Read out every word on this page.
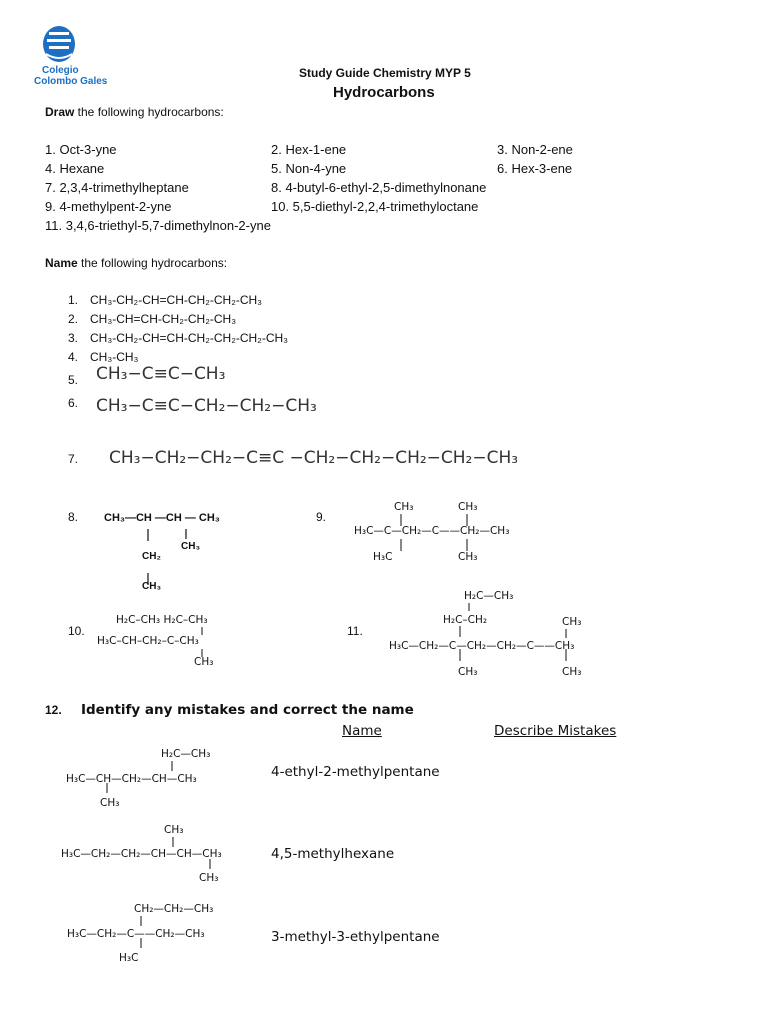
Colegio
Colombo Gales
Study Guide Chemistry MYP 5
Hydrocarbons
Draw the following hydrocarbons:
1. Oct-3-yne	2. Hex-1-ene	3. Non-2-ene
4. Hexane	5. Non-4-yne	6. Hex-3-ene
7. 2,3,4-trimethylheptane	8. 4-butyl-6-ethyl-2,5-dimethylnonane
9. 4-methylpent-2-yne	10. 5,5-diethyl-2,2,4-trimethyloctane
11. 3,4,6-triethyl-5,7-dimethylnon-2-yne
Name the following hydrocarbons:
1. CH₃-CH₂-CH=CH-CH₂-CH₂-CH₃
2. CH₃-CH=CH-CH₂-CH₂-CH₃
3. CH₃-CH₂-CH=CH-CH₂-CH₂-CH₂-CH₃
4. CH₃-CH₃
5. CH₃−C≡C−CH₃
6. CH₃−C≡C−CH₂−CH₂−CH₃
7. CH₃−CH₂−CH₂−C≡C −CH₂−CH₂−CH₂−CH₂−CH₃
8. CH₃—CH —CH — CH₃
CH₂
CH₃
CH₃
9.
CH₃	CH₃
H₃C—C—CH₂—C——CH₂—CH₃
H₃C	CH₃
10.
H₂C–CH₃ H₂C–CH₃
H₃C–CH–CH₂–C–CH₃
CH₃
11.
H₂C—CH₃
H₂C–CH₂	CH₃
H₃C—CH₂—C—CH₂—CH₂—C——CH₃
CH₃	CH₃
12. Identify any mistakes and correct the name
Name	Describe Mistakes
H₂C—CH₃
H₃C—CH—CH₂—CH—CH₃
CH₃
4-ethyl-2-methylpentane
CH₃
H₃C—CH₂—CH₂—CH—CH—CH₃
CH₃
4,5-methylhexane
CH₂—CH₂—CH₃
H₃C—CH₂—C——CH₂—CH₃
H₃C
3-methyl-3-ethylpentane
